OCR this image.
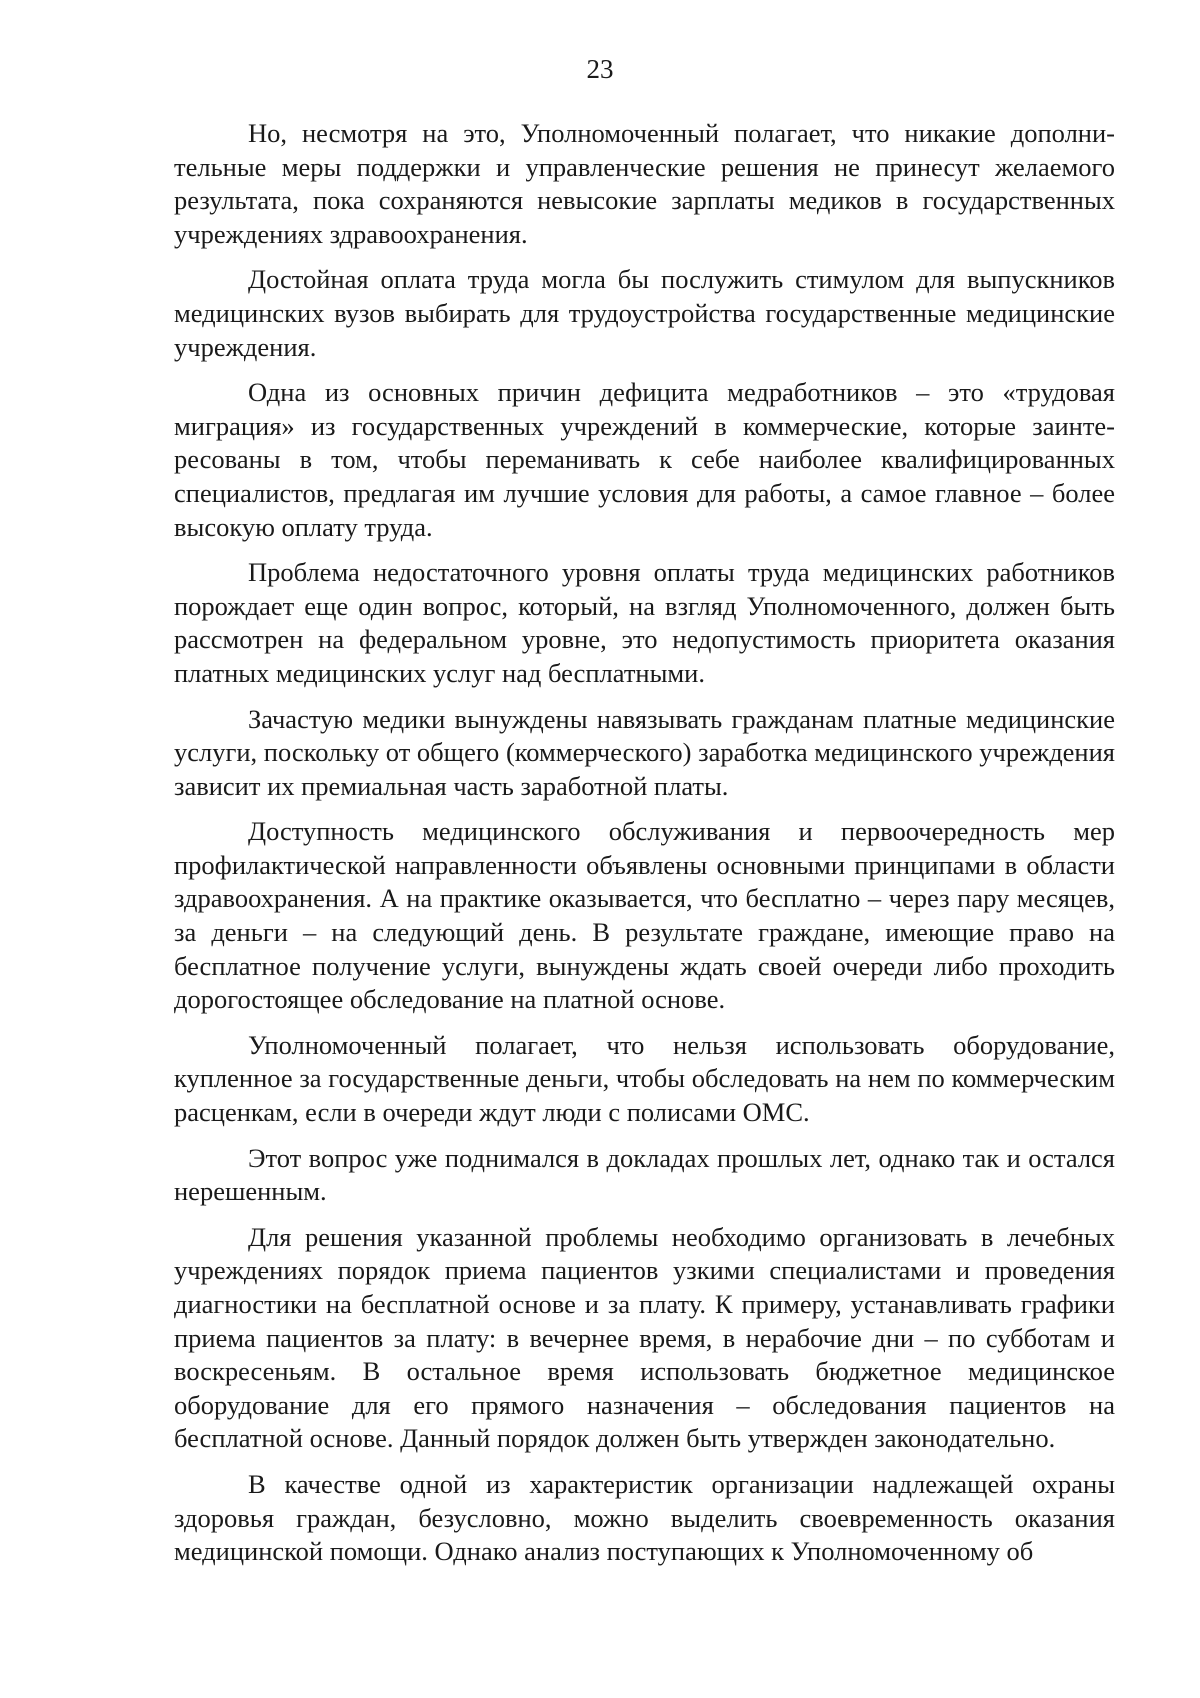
23

Но, несмотря на это, Уполномоченный полагает, что никакие дополнительные меры поддержки и управленческие решения не принесут желаемого результата, пока сохраняются невысокие зарплаты медиков в государственных учреждениях здравоохранения.

Достойная оплата труда могла бы послужить стимулом для выпускников медицинских вузов выбирать для трудоустройства государственные медицинские учреждения.

Одна из основных причин дефицита медработников – это «трудовая миграция» из государственных учреждений в коммерческие, которые заинтересованы в том, чтобы переманивать к себе наиболее квалифицированных специалистов, предлагая им лучшие условия для работы, а самое главное – более высокую оплату труда.

Проблема недостаточного уровня оплаты труда медицинских работников порождает еще один вопрос, который, на взгляд Уполномоченного, должен быть рассмотрен на федеральном уровне, это недопустимость приоритета оказания платных медицинских услуг над бесплатными.

Зачастую медики вынуждены навязывать гражданам платные медицинские услуги, поскольку от общего (коммерческого) заработка медицинского учреждения зависит их премиальная часть заработной платы.

Доступность медицинского обслуживания и первоочередность мер профилактической направленности объявлены основными принципами в области здравоохранения. А на практике оказывается, что бесплатно – через пару месяцев, за деньги – на следующий день. В результате граждане, имеющие право на бесплатное получение услуги, вынуждены ждать своей очереди либо проходить дорогостоящее обследование на платной основе.

Уполномоченный полагает, что нельзя использовать оборудование, купленное за государственные деньги, чтобы обследовать на нем по коммерческим расценкам, если в очереди ждут люди с полисами ОМС.

Этот вопрос уже поднимался в докладах прошлых лет, однако так и остался нерешенным.

Для решения указанной проблемы необходимо организовать в лечебных учреждениях порядок приема пациентов узкими специалистами и проведения диагностики на бесплатной основе и за плату. К примеру, устанавливать графики приема пациентов за плату: в вечернее время, в нерабочие дни – по субботам и воскресеньям. В остальное время использовать бюджетное медицинское оборудование для его прямого назначения – обследования пациентов на бесплатной основе. Данный порядок должен быть утвержден законодательно.

В качестве одной из характеристик организации надлежащей охраны здоровья граждан, безусловно, можно выделить своевременность оказания медицинской помощи. Однако анализ поступающих к Уполномоченному об
